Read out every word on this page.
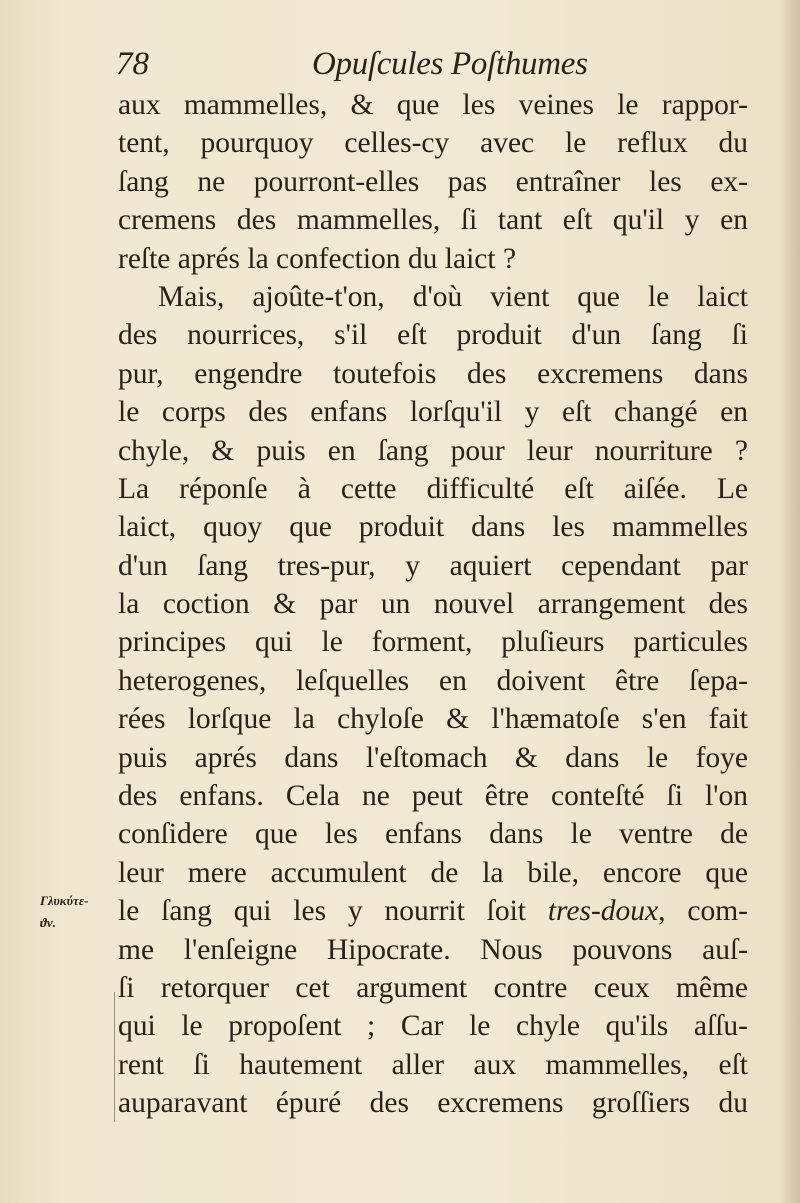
78	Opuſcules Poſthumes
Γλυκύτε-
ϑν.
aux mammelles, & que les veines le rappor-
tent, pourquoy celles-cy avec le reflux du
ſang ne pourront-elles pas entraîner les ex-
cremens des mammelles, ſi tant eſt qu'il y en
reſte aprés la confection du laict ?
Mais, ajoûte-t'on, d'où vient que le laict
des nourrices, s'il eſt produit d'un ſang ſi
pur, engendre toutefois des excremens dans
le corps des enfans lorſqu'il y eſt changé en
chyle, & puis en ſang pour leur nourriture ?
La réponſe à cette difficulté eſt aiſée. Le
laict, quoy que produit dans les mammelles
d'un ſang tres-pur, y aquiert cependant par
la coction & par un nouvel arrangement des
principes qui le forment, pluſieurs particules
heterogenes, leſquelles en doivent être ſepa-
rées lorſque la chyloſe & l'hæmatoſe s'en fait
puis aprés dans l'eſtomach & dans le foye
des enfans. Cela ne peut être conteſté ſi l'on
conſidere que les enfans dans le ventre de
leur mere accumulent de la bile, encore que
le ſang qui les y nourrit ſoit tres-doux, com-
me l'enſeigne Hipocrate. Nous pouvons auſ-
ſi retorquer cet argument contre ceux même
qui le propoſent ; Car le chyle qu'ils aſſu-
rent ſi hautement aller aux mammelles, eſt
auparavant épuré des excremens groſſiers du
